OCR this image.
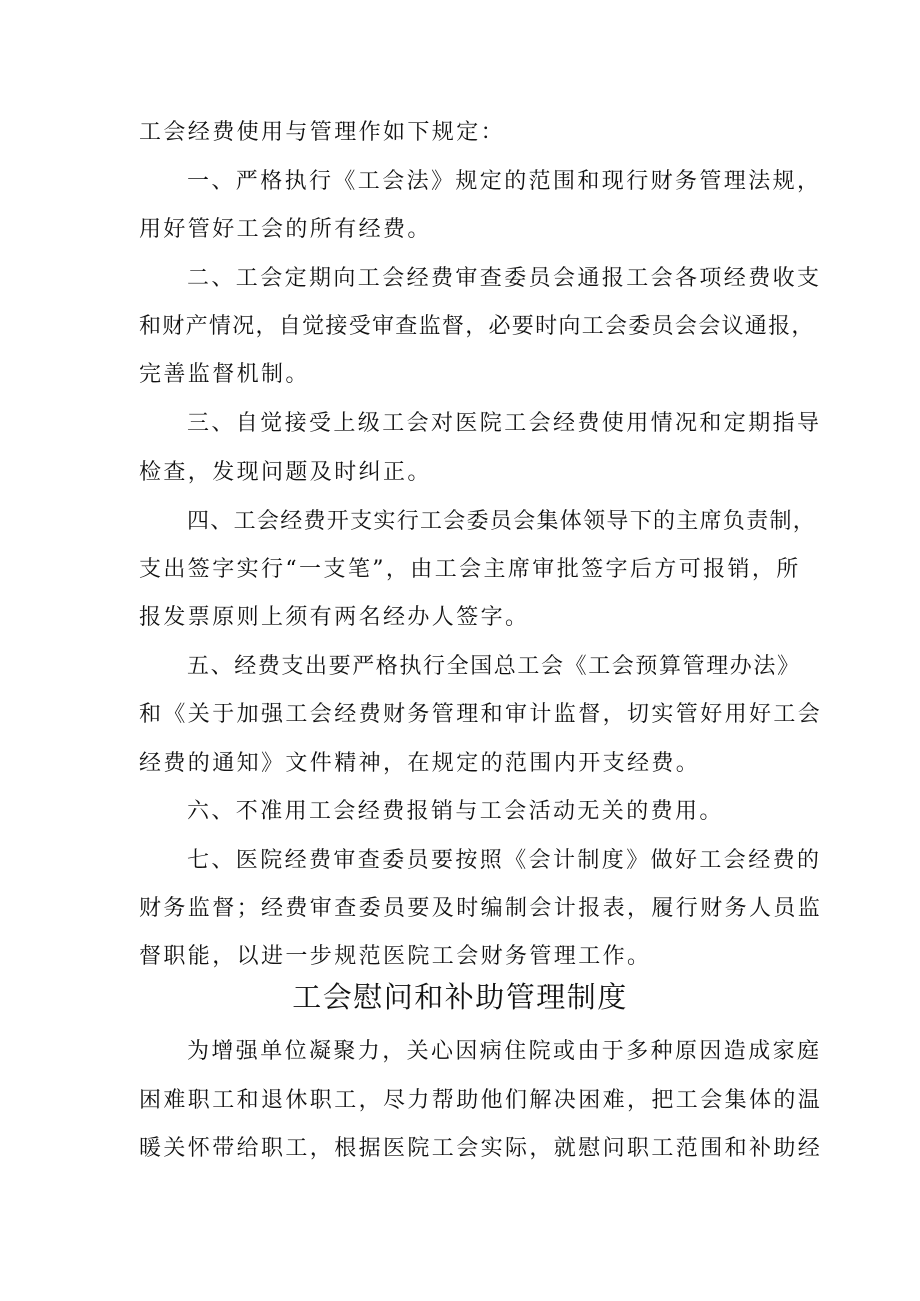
工会经费使用与管理作如下规定：
一、严格执行《工会法》规定的范围和现行财务管理法规，
用好管好工会的所有经费。
二、工会定期向工会经费审查委员会通报工会各项经费收支
和财产情况，自觉接受审查监督，必要时向工会委员会会议通报，
完善监督机制。
三、自觉接受上级工会对医院工会经费使用情况和定期指导
检查，发现问题及时纠正。
四、工会经费开支实行工会委员会集体领导下的主席负责制，
支出签字实行“一支笔”，由工会主席审批签字后方可报销，所
报发票原则上须有两名经办人签字。
五、经费支出要严格执行全国总工会《工会预算管理办法》
和《关于加强工会经费财务管理和审计监督，切实管好用好工会
经费的通知》文件精神，在规定的范围内开支经费。
六、不准用工会经费报销与工会活动无关的费用。
七、医院经费审查委员要按照《会计制度》做好工会经费的
财务监督；经费审查委员要及时编制会计报表，履行财务人员监
督职能，以进一步规范医院工会财务管理工作。
工会慰问和补助管理制度
为增强单位凝聚力，关心因病住院或由于多种原因造成家庭
困难职工和退休职工，尽力帮助他们解决困难，把工会集体的温
暖关怀带给职工，根据医院工会实际，就慰问职工范围和补助经
